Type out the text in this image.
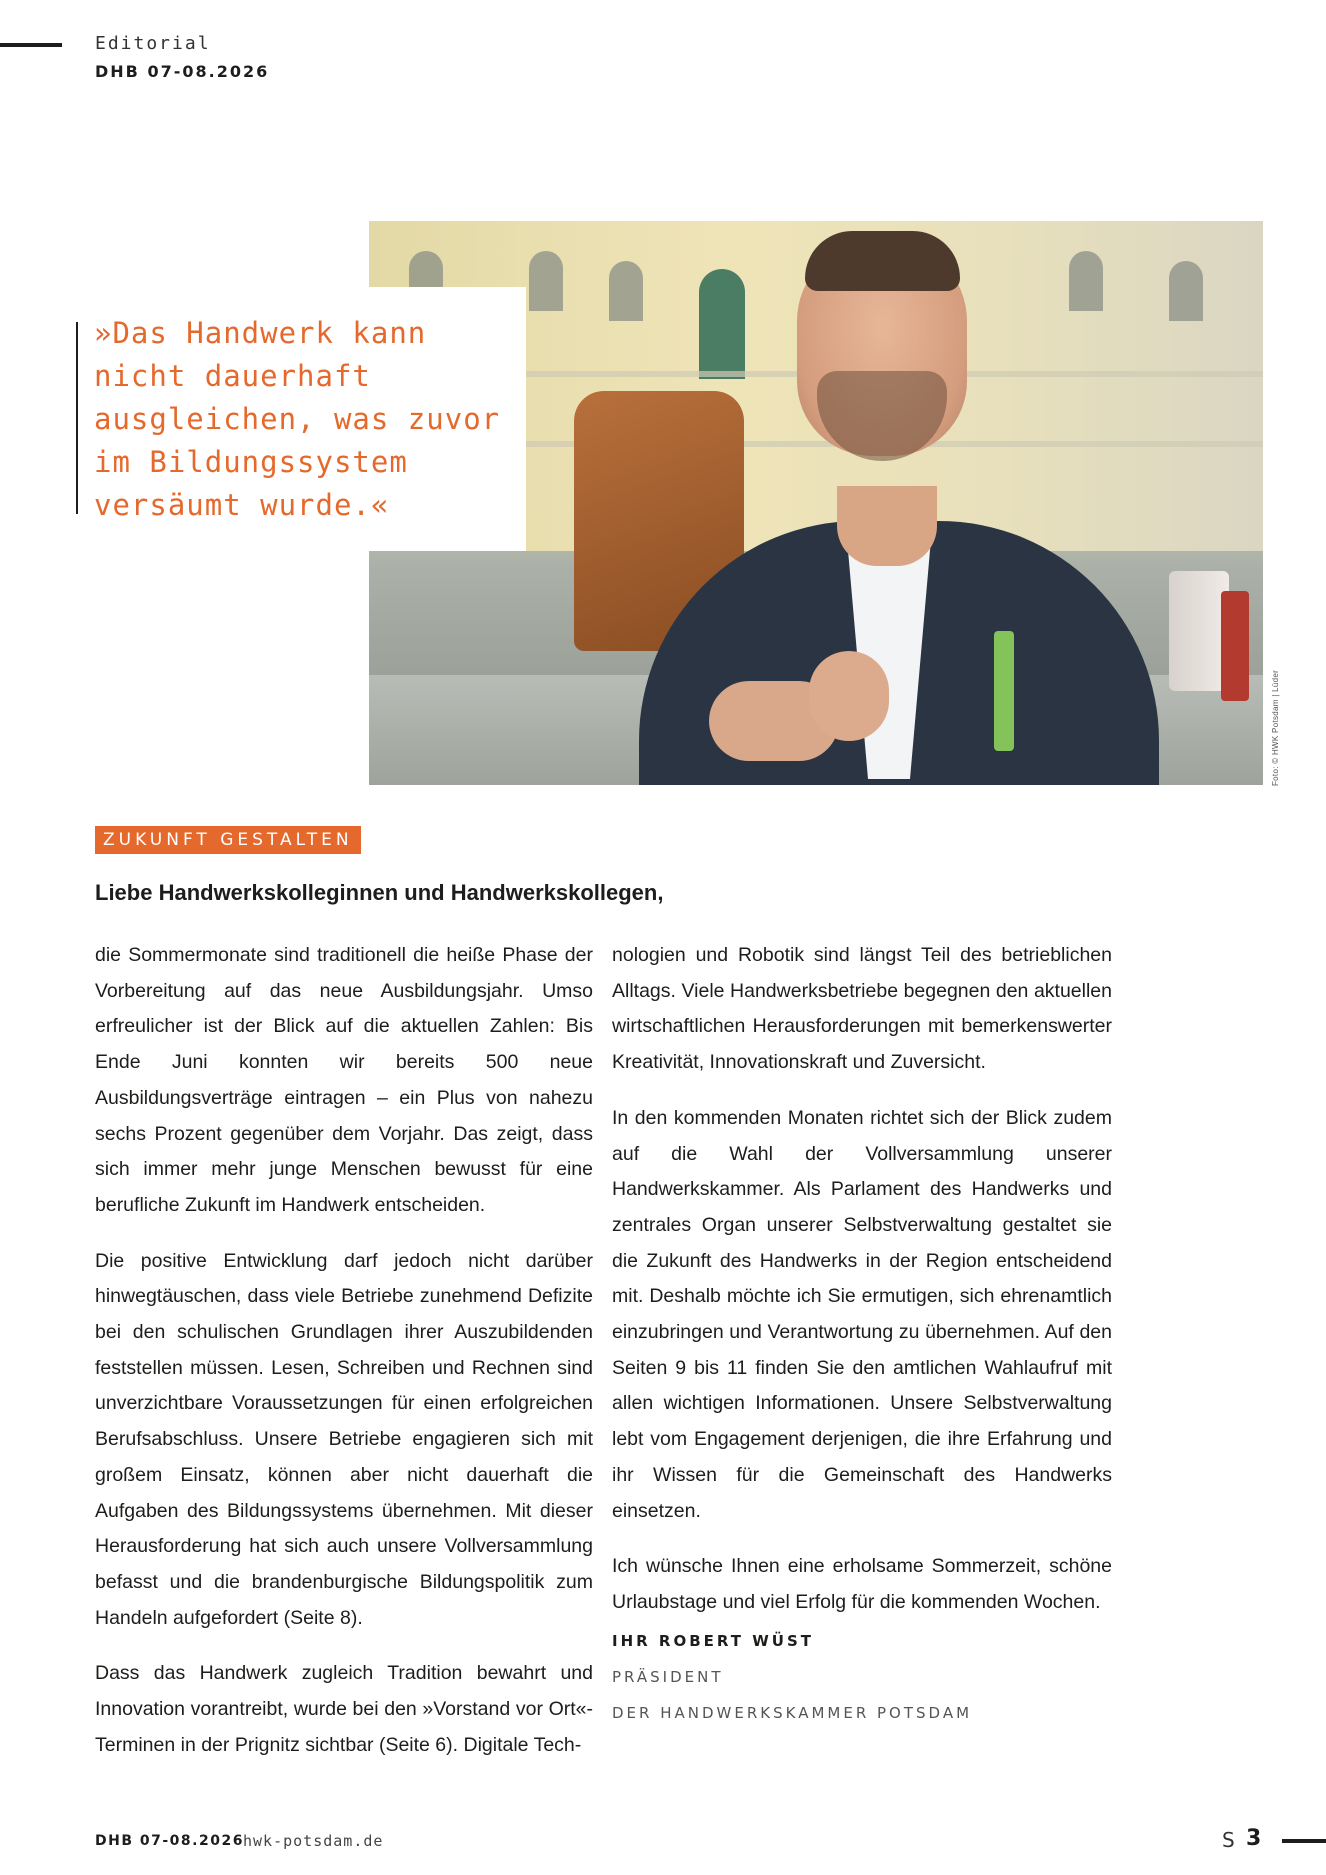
Editorial
DHB 07-08.2026
»Das Handwerk kann
nicht dauerhaft
ausgleichen, was zuvor
im Bildungssystem
versäumt wurde.«
Foto: © HWK Potsdam | Lüder
ZUKUNFT GESTALTEN
Liebe Handwerkskolleginnen und Handwerkskollegen,

die Sommermonate sind traditionell die heiße Phase der Vorbereitung auf das neue Ausbildungsjahr. Umso erfreulicher ist der Blick auf die aktuellen Zahlen: Bis Ende Juni konnten wir bereits 500 neue Ausbildungsverträge eintragen – ein Plus von nahezu sechs Prozent gegenüber dem Vorjahr. Das zeigt, dass sich immer mehr junge Menschen bewusst für eine berufliche Zukunft im Handwerk entscheiden.

Die positive Entwicklung darf jedoch nicht darüber hinwegtäuschen, dass viele Betriebe zunehmend Defizite bei den schulischen Grundlagen ihrer Auszubildenden feststellen müssen. Lesen, Schreiben und Rechnen sind unverzichtbare Voraussetzungen für einen erfolgreichen Berufsabschluss. Unsere Betriebe engagieren sich mit großem Einsatz, können aber nicht dauerhaft die Aufgaben des Bildungssystems übernehmen. Mit dieser Herausforderung hat sich auch unsere Vollversammlung befasst und die brandenburgische Bildungspolitik zum Handeln aufgefordert (Seite 8).

Dass das Handwerk zugleich Tradition bewahrt und Innovation vorantreibt, wurde bei den »Vorstand vor Ort«-Terminen in der Prignitz sichtbar (Seite 6). Digitale Tech-

nologien und Robotik sind längst Teil des betrieblichen Alltags. Viele Handwerksbetriebe begegnen den aktuellen wirtschaftlichen Herausforderungen mit bemerkenswerter Kreativität, Innovationskraft und Zuversicht.

In den kommenden Monaten richtet sich der Blick zudem auf die Wahl der Vollversammlung unserer Handwerkskammer. Als Parlament des Handwerks und zentrales Organ unserer Selbstverwaltung gestaltet sie die Zukunft des Handwerks in der Region entscheidend mit. Deshalb möchte ich Sie ermutigen, sich ehrenamtlich einzubringen und Verantwortung zu übernehmen. Auf den Seiten 9 bis 11 finden Sie den amtlichen Wahlaufruf mit allen wichtigen Informationen. Unsere Selbstverwaltung lebt vom Engagement derjenigen, die ihre Erfahrung und ihr Wissen für die Gemeinschaft des Handwerks einsetzen.

Ich wünsche Ihnen eine erholsame Sommerzeit, schöne Urlaubstage und viel Erfolg für die kommenden Wochen.

IHR ROBERT WÜST
PRÄSIDENT
DER HANDWERKSKAMMER POTSDAM
DHB 07-08.2026 hwk-potsdam.de	S 3
